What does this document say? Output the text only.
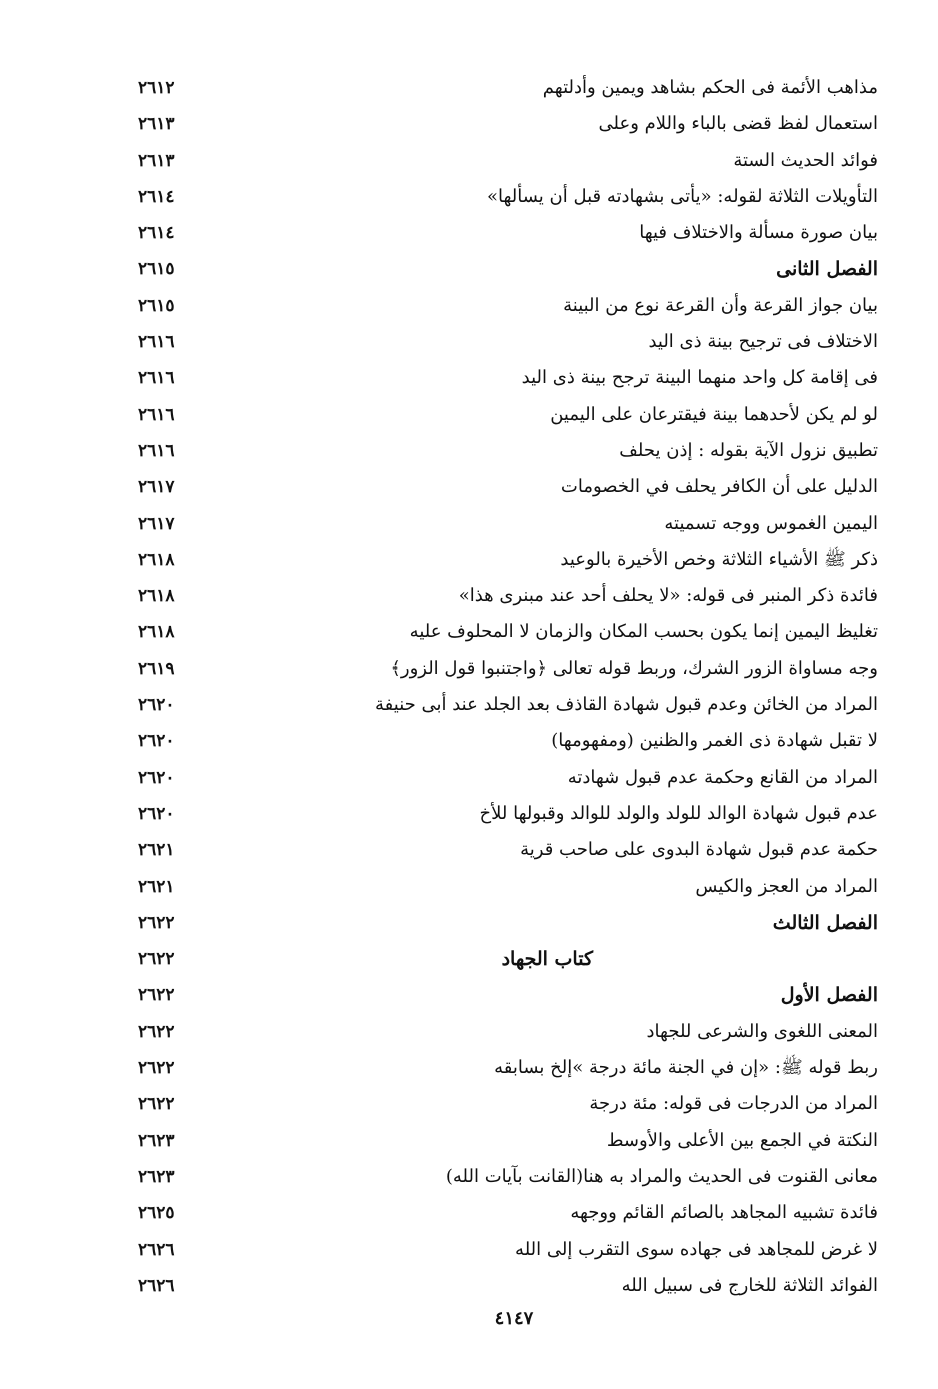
مذاهب الأئمة فى الحكم بشاهد ويمين وأدلتهم
٢٦١٢
استعمال لفظ قضى بالباء واللام وعلى
٢٦١٣
فوائد الحديث الستة
٢٦١٣
التأويلات الثلاثة لقوله: «يأتى بشهادته قبل أن يسألها»
٢٦١٤
بيان صورة مسألة والاختلاف فيها
٢٦١٤
الفصل الثانى
٢٦١٥
بيان جواز القرعة وأن القرعة نوع من البينة
٢٦١٥
الاختلاف فى ترجيح بينة ذى اليد
٢٦١٦
فى إقامة كل واحد منهما البينة ترجح بينة ذى اليد
٢٦١٦
لو لم يكن لأحدهما بينة فيقترعان على اليمين
٢٦١٦
تطبيق نزول الآية بقوله : إذن يحلف
٢٦١٦
الدليل على أن الكافر يحلف في الخصومات
٢٦١٧
اليمين الغموس ووجه تسميته
٢٦١٧
ذكر ﷺ الأشياء الثلاثة وخص الأخيرة بالوعيد
٢٦١٨
فائدة ذكر المنبر فى قوله: «لا يحلف أحد عند مبنرى هذا»
٢٦١٨
تغليظ اليمين إنما يكون بحسب المكان والزمان لا المحلوف عليه
٢٦١٨
وجه مساواة الزور الشرك، وربط قوله تعالى ﴿واجتنبوا قول الزور﴾
٢٦١٩
المراد من الخائن وعدم قبول شهادة القاذف بعد الجلد عند أبى حنيفة
٢٦٢٠
لا تقبل شهادة ذى الغمر والظنين (ومفهومها)
٢٦٢٠
المراد من القانع وحكمة عدم قبول شهادته
٢٦٢٠
عدم قبول شهادة الوالد للولد والولد للوالد وقبولها للأخ
٢٦٢٠
حكمة عدم قبول شهادة البدوى على صاحب قرية
٢٦٢١
المراد من العجز والكيس
٢٦٢١
الفصل الثالث
٢٦٢٢
كتاب الجهاد
٢٦٢٢
الفصل الأول
٢٦٢٢
المعنى اللغوى والشرعى للجهاد
٢٦٢٢
ربط قوله ﷺ: «إن في الجنة مائة درجة »إلخ بسابقه
٢٦٢٢
المراد من الدرجات فى قوله: مئة درجة
٢٦٢٢
النكتة في الجمع بين الأعلى والأوسط
٢٦٢٣
معانى القنوت فى الحديث والمراد به هنا(القانت بآيات الله)
٢٦٢٣
فائدة تشبيه المجاهد بالصائم القائم ووجهه
٢٦٢٥
لا غرض للمجاهد فى جهاده سوى التقرب إلى الله
٢٦٢٦
الفوائد الثلاثة للخارج فى سبيل الله
٢٦٢٦
٤١٤٧
